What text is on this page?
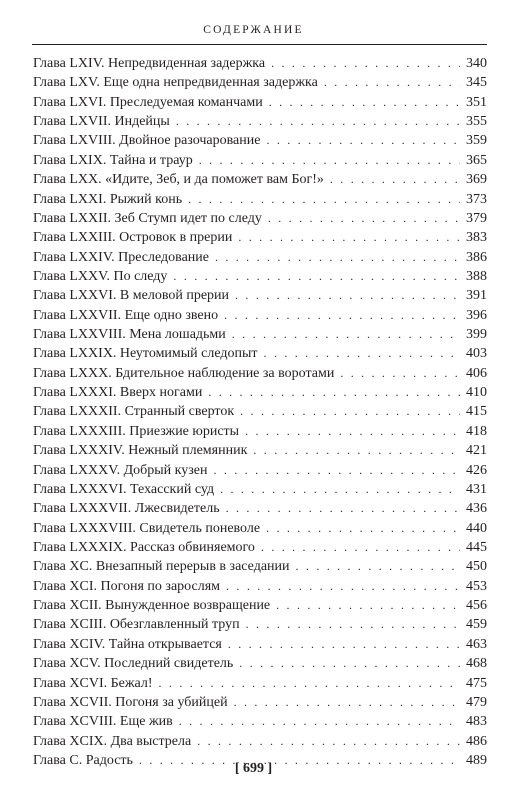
СОДЕРЖАНИЕ
Глава LXIV. Непредвиденная задержка . . .	340
Глава LXV. Еще одна непредвиденная задержка . . .	345
Глава LXVI. Преследуемая команчами . . .	351
Глава LXVII. Индейцы . . .	355
Глава LXVIII. Двойное разочарование . . .	359
Глава LXIX. Тайна и траур . . .	365
Глава LXX. «Идите, Зеб, и да поможет вам Бог!» . . .	369
Глава LXXI. Рыжий конь . . .	373
Глава LXXII. Зеб Стумп идет по следу . . .	379
Глава LXXIII. Островок в прерии . . .	383
Глава LXXIV. Преследование . . .	386
Глава LXXV. По следу . . .	388
Глава LXXVI. В меловой прерии . . .	391
Глава LXXVII. Еще одно звено . . .	396
Глава LXXVIII. Мена лошадьми . . .	399
Глава LXXIX. Неутомимый следопыт . . .	403
Глава LXXX. Бдительное наблюдение за воротами . . .	406
Глава LXXXI. Вверх ногами . . .	410
Глава LXXXII. Странный сверток . . .	415
Глава LXXXIII. Приезжие юристы . . .	418
Глава LXXXIV. Нежный племянник . . .	421
Глава LXXXV. Добрый кузен . . .	426
Глава LXXXVI. Техасский суд . . .	431
Глава LXXXVII. Лжесвидетель . . .	436
Глава LXXXVIII. Свидетель поневоле . . .	440
Глава LXXXIX. Рассказ обвиняемого . . .	445
Глава XC. Внезапный перерыв в заседании . . .	450
Глава XCI. Погоня по зарослям . . .	453
Глава XCII. Вынужденное возвращение . . .	456
Глава XCIII. Обезглавленный труп . . .	459
Глава XCIV. Тайна открывается . . .	463
Глава XCV. Последний свидетель . . .	468
Глава XCVI. Бежал! . . .	475
Глава XCVII. Погоня за убийцей . . .	479
Глава XCVIII. Еще жив . . .	483
Глава XCIX. Два выстрела . . .	486
Глава C. Радость . . .	489
[ 699 ]
